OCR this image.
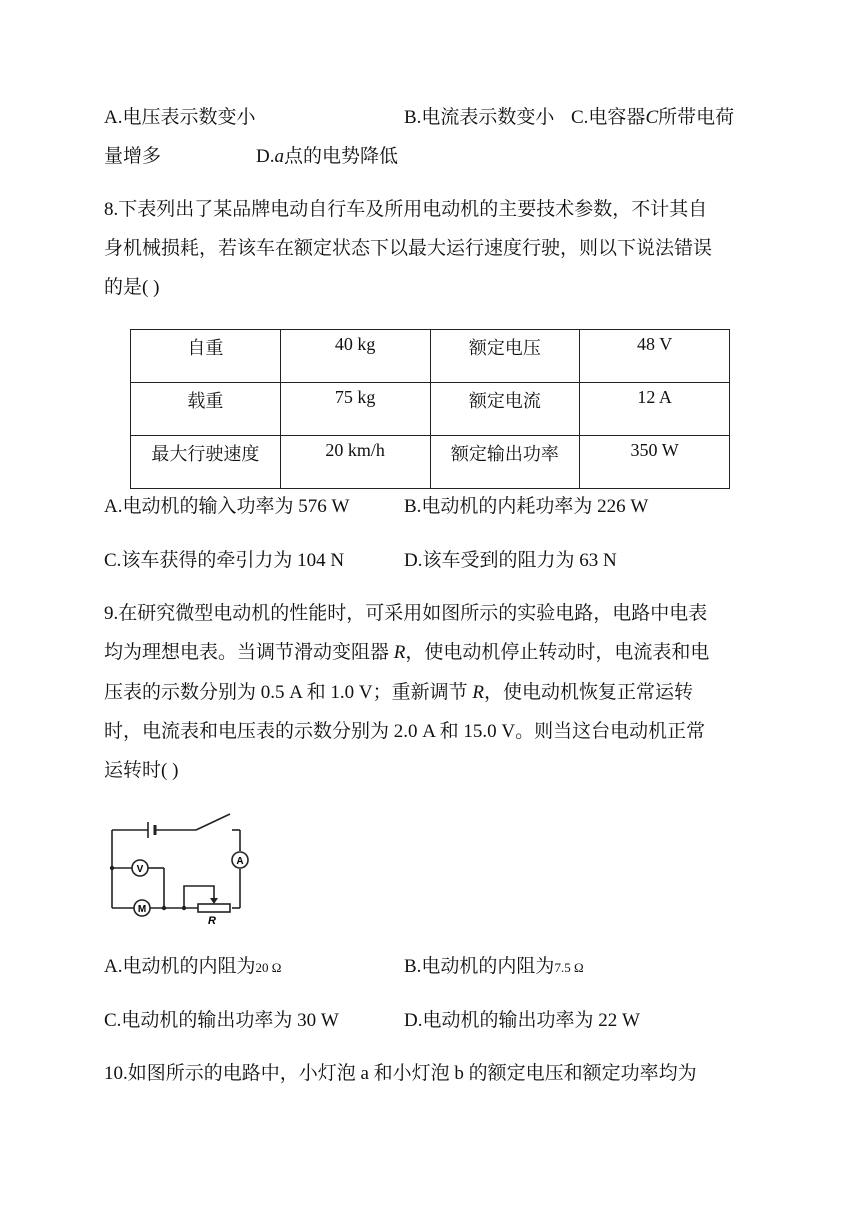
A.电压表示数变小	B.电流表示数变小 C.电容器C所带电荷
量增多	D.a点的电势降低
8.下表列出了某品牌电动自行车及所用电动机的主要技术参数，不计其自
身机械损耗，若该车在额定状态下以最大运行速度行驶，则以下说法错误
的是( )
自重	40 kg	额定电压	48 V
载重	75 kg	额定电流	12 A
最大行驶速度	20 km/h	额定输出功率	350 W
A.电动机的输入功率为 576 W	B.电动机的内耗功率为 226 W
C.该车获得的牵引力为 104 N	D.该车受到的阻力为 63 N
9.在研究微型电动机的性能时，可采用如图所示的实验电路，电路中电表
均为理想电表。当调节滑动变阻器 R，使电动机停止转动时，电流表和电
压表的示数分别为 0.5 A 和 1.0 V；重新调节 R，使电动机恢复正常运转
时，电流表和电压表的示数分别为 2.0 A 和 15.0 V。则当这台电动机正常
运转时( )
V
A
M
R
A.电动机的内阻为20 Ω	B.电动机的内阻为7.5 Ω
C.电动机的输出功率为 30 W	D.电动机的输出功率为 22 W
10.如图所示的电路中，小灯泡 a 和小灯泡 b 的额定电压和额定功率均为
